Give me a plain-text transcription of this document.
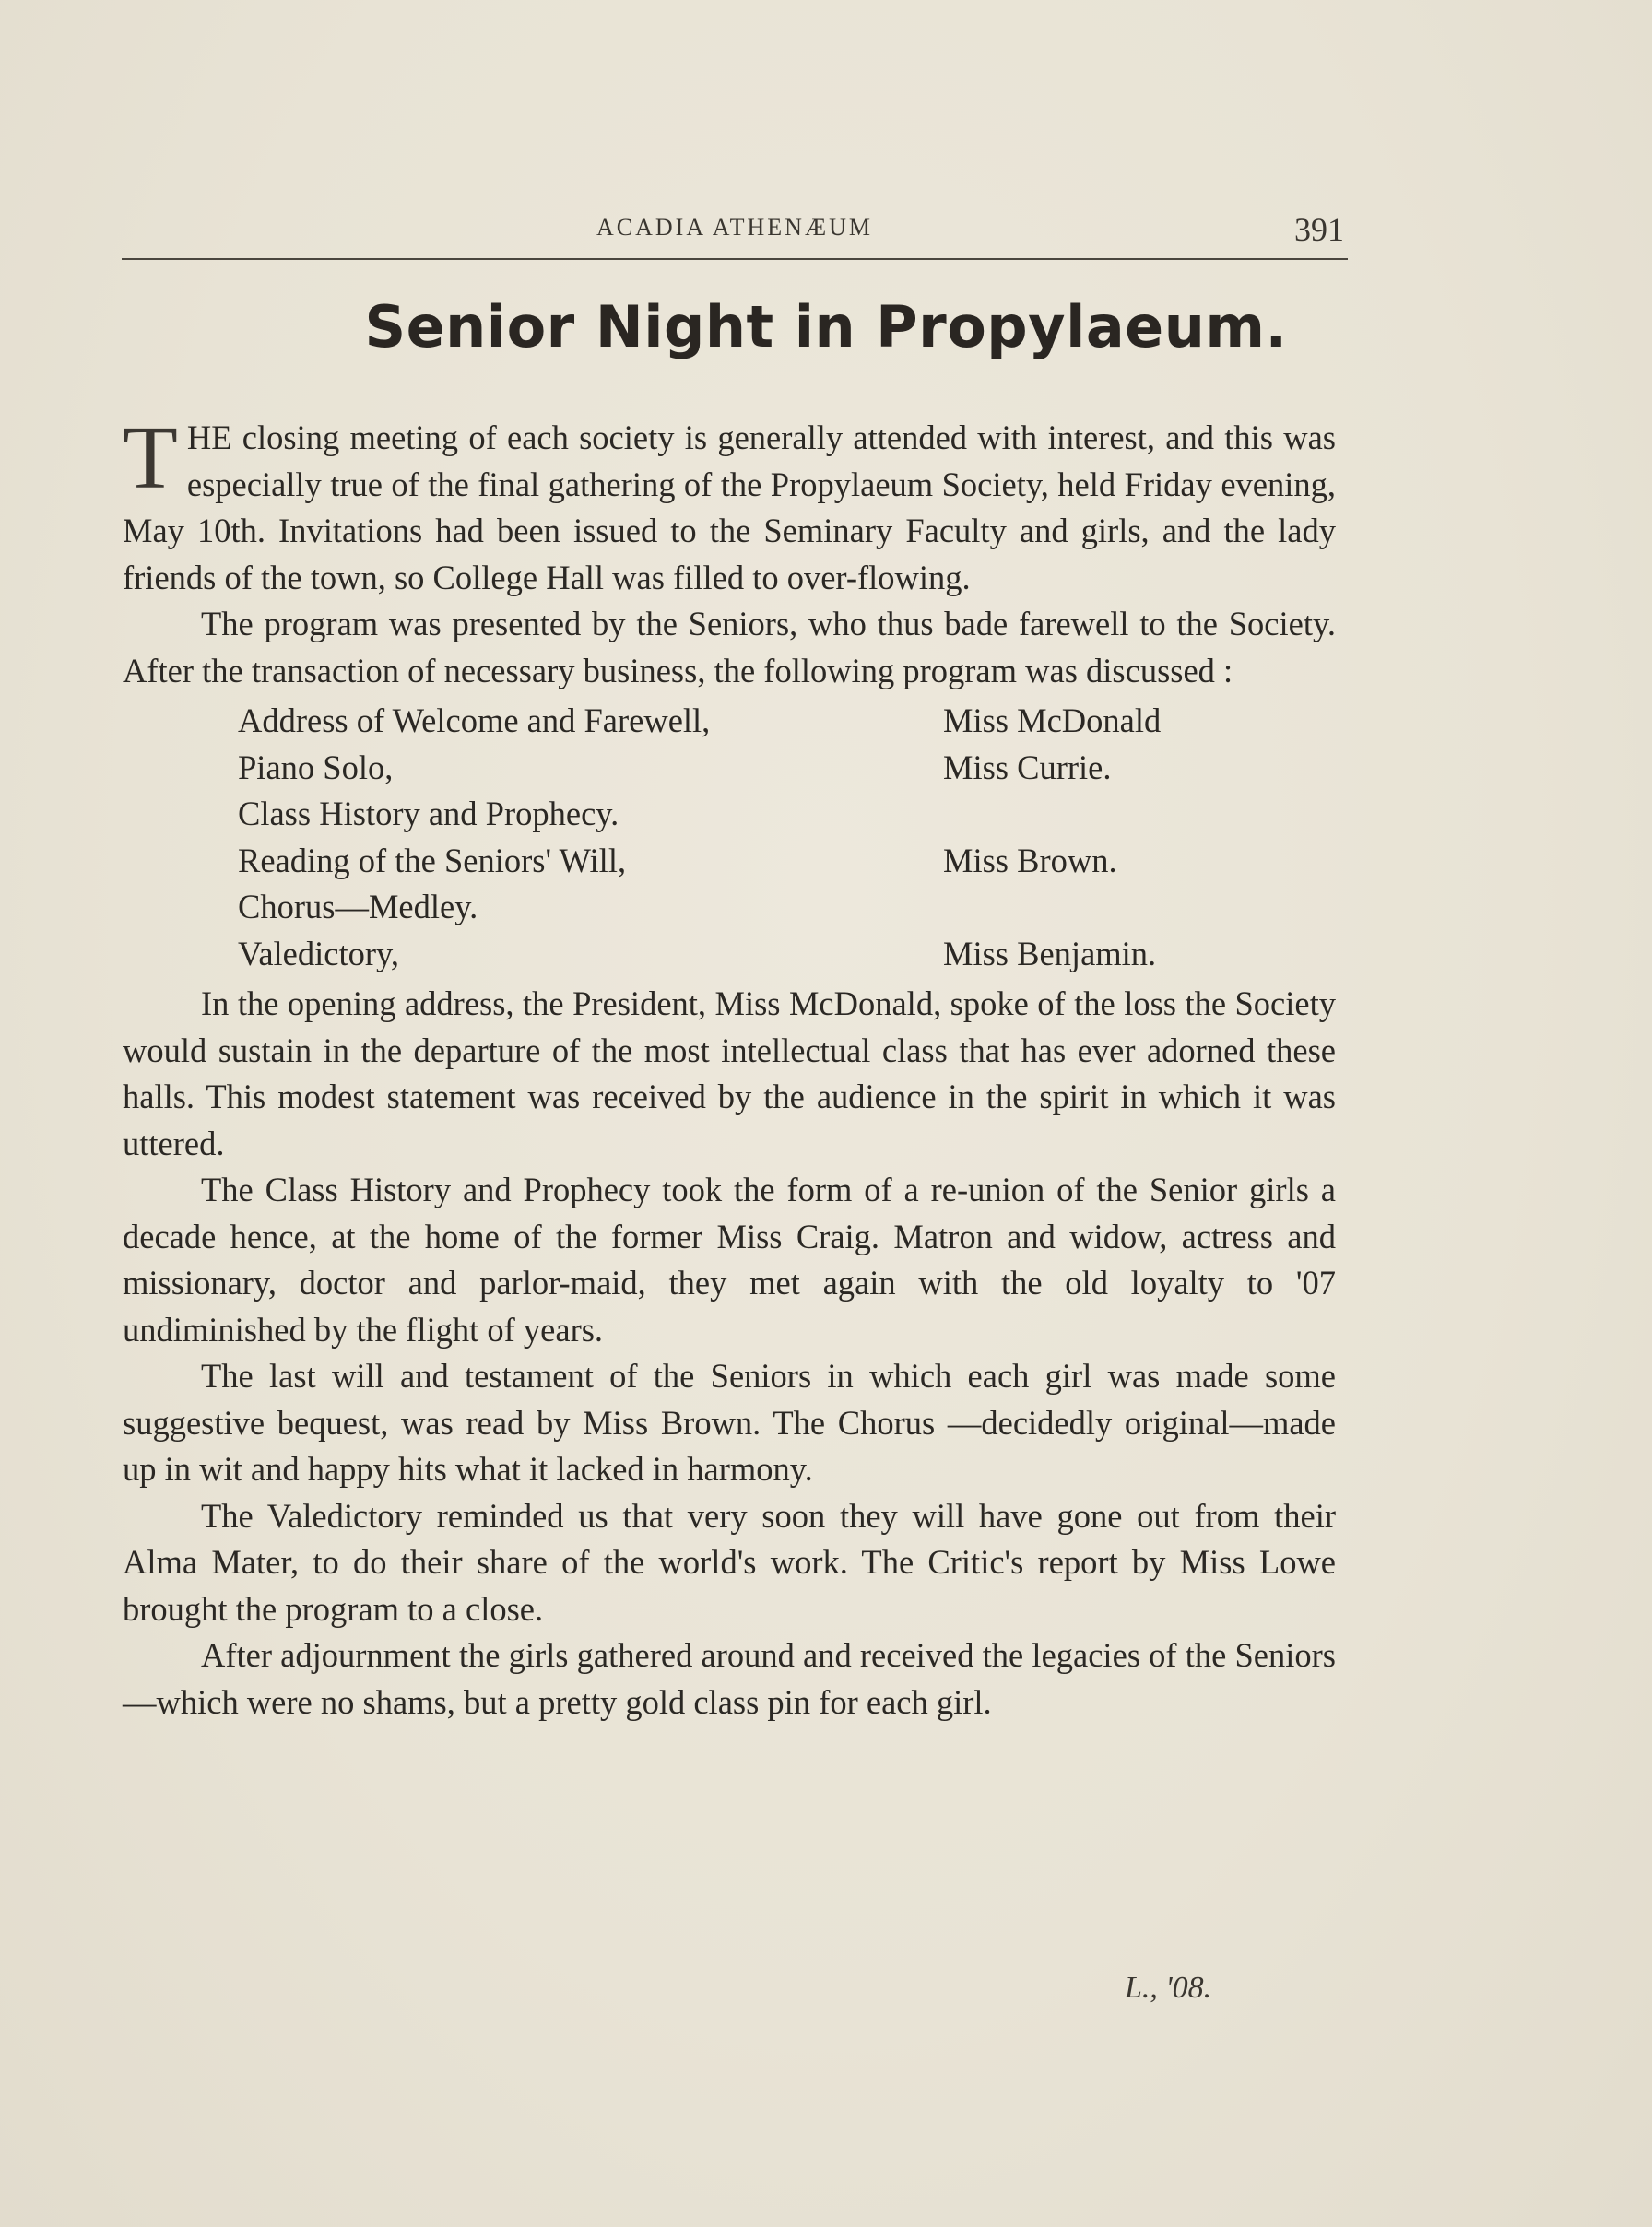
ACADIA ATHENÆUM	391
Senior Night in Propylaeum.

THE closing meeting of each society is generally attended with interest, and this was especially true of the final gathering of the Propylaeum Society, held Friday evening, May 10th. Invitations had been issued to the Seminary Faculty and girls, and the lady friends of the town, so College Hall was filled to over-flowing.

The program was presented by the Seniors, who thus bade farewell to the Society. After the transaction of necessary business, the following program was discussed :

Address of Welcome and Farewell,	Miss McDonald
Piano Solo,	Miss Currie.
Class History and Prophecy.
Reading of the Seniors' Will,	Miss Brown.
Chorus—Medley.
Valedictory,	Miss Benjamin.

In the opening address, the President, Miss McDonald, spoke of the loss the Society would sustain in the departure of the most intellectual class that has ever adorned these halls. This modest statement was received by the audience in the spirit in which it was uttered.

The Class History and Prophecy took the form of a re-union of the Senior girls a decade hence, at the home of the former Miss Craig. Matron and widow, actress and missionary, doctor and parlor-maid, they met again with the old loyalty to '07 undiminished by the flight of years.

The last will and testament of the Seniors in which each girl was made some suggestive bequest, was read by Miss Brown. The Chorus —decidedly original—made up in wit and happy hits what it lacked in harmony.

The Valedictory reminded us that very soon they will have gone out from their Alma Mater, to do their share of the world's work. The Critic's report by Miss Lowe brought the program to a close.

After adjournment the girls gathered around and received the legacies of the Seniors—which were no shams, but a pretty gold class pin for each girl.

L., '08.
